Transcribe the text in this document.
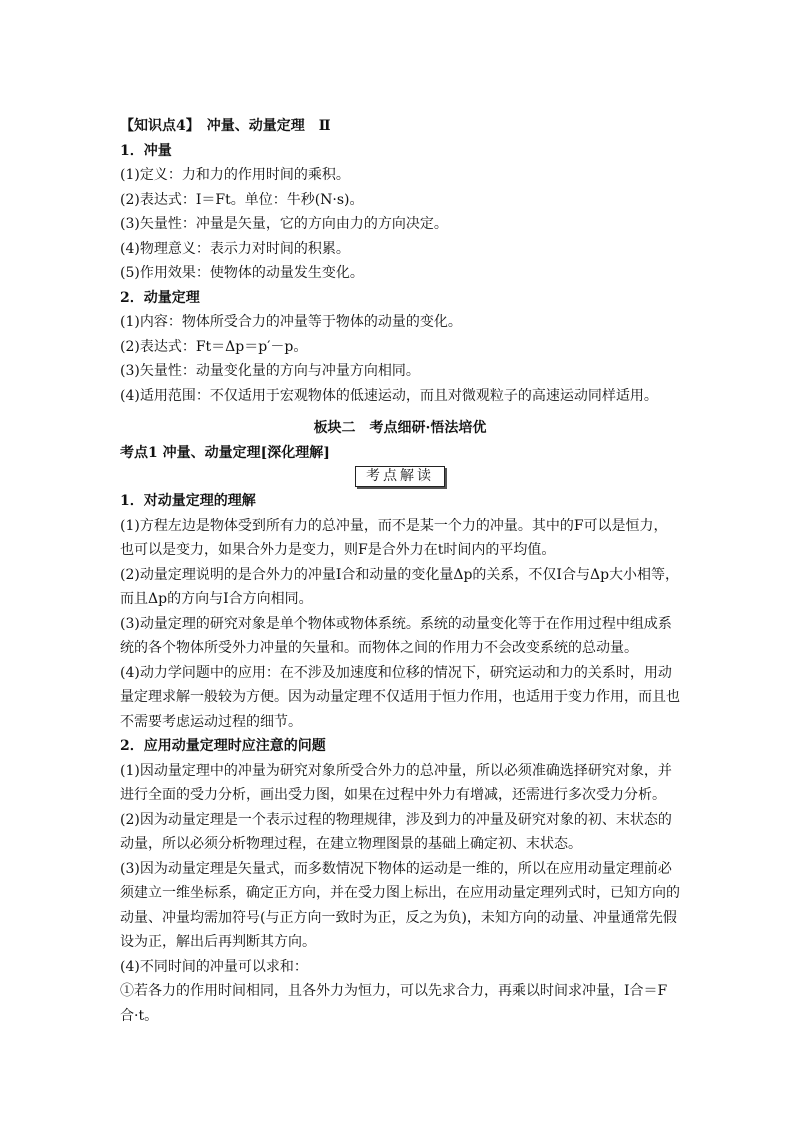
【知识点4】　冲量、动量定理　Ⅱ
1．冲量
(1)定义：力和力的作用时间的乘积。
(2)表达式：I＝Ft。单位：牛秒(N·s)。
(3)矢量性：冲量是矢量，它的方向由力的方向决定。
(4)物理意义：表示力对时间的积累。
(5)作用效果：使物体的动量发生变化。
2．动量定理
(1)内容：物体所受合力的冲量等于物体的动量的变化。
(2)表达式：Ft＝Δp＝p′－p。
(3)矢量性：动量变化量的方向与冲量方向相同。
(4)适用范围：不仅适用于宏观物体的低速运动，而且对微观粒子的高速运动同样适用。
板块二　考点细研·悟法培优
考点1 冲量、动量定理[深化理解]
考点解读
1．对动量定理的理解
(1)方程左边是物体受到所有力的总冲量，而不是某一个力的冲量。其中的F可以是恒力，也可以是变力，如果合外力是变力，则F是合外力在t时间内的平均值。
(2)动量定理说明的是合外力的冲量I合和动量的变化量Δp的关系，不仅I合与Δp大小相等，而且Δp的方向与I合方向相同。
(3)动量定理的研究对象是单个物体或物体系统。系统的动量变化等于在作用过程中组成系统的各个物体所受外力冲量的矢量和。而物体之间的作用力不会改变系统的总动量。
(4)动力学问题中的应用：在不涉及加速度和位移的情况下，研究运动和力的关系时，用动量定理求解一般较为方便。因为动量定理不仅适用于恒力作用，也适用于变力作用，而且也不需要考虑运动过程的细节。
2．应用动量定理时应注意的问题
(1)因动量定理中的冲量为研究对象所受合外力的总冲量，所以必须准确选择研究对象，并进行全面的受力分析，画出受力图，如果在过程中外力有增减，还需进行多次受力分析。
(2)因为动量定理是一个表示过程的物理规律，涉及到力的冲量及研究对象的初、末状态的动量，所以必须分析物理过程，在建立物理图景的基础上确定初、末状态。
(3)因为动量定理是矢量式，而多数情况下物体的运动是一维的，所以在应用动量定理前必须建立一维坐标系，确定正方向，并在受力图上标出，在应用动量定理列式时，已知方向的动量、冲量均需加符号(与正方向一致时为正，反之为负)，未知方向的动量、冲量通常先假设为正，解出后再判断其方向。
(4)不同时间的冲量可以求和：
①若各力的作用时间相同，且各外力为恒力，可以先求合力，再乘以时间求冲量，I合＝F合·t。
